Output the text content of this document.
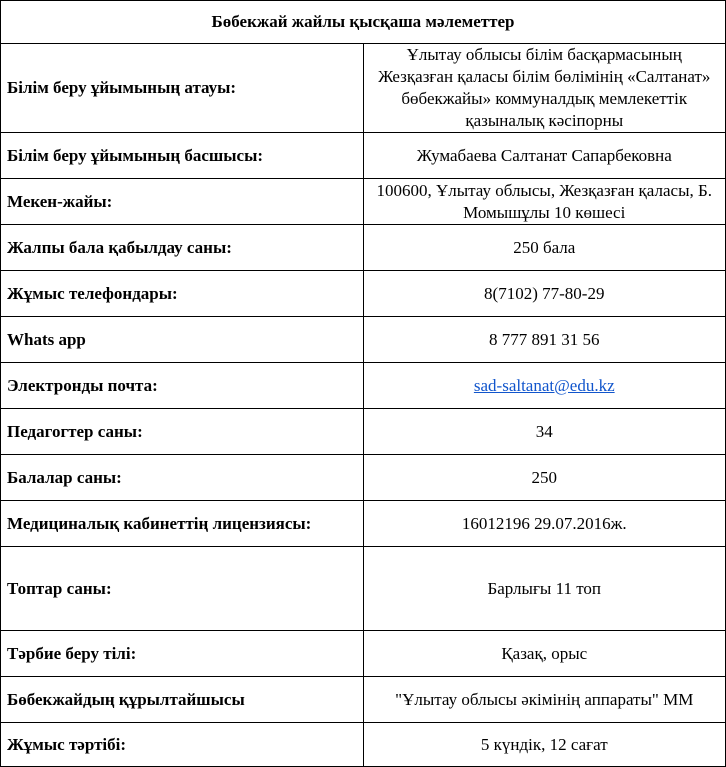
Бөбекжай жайлы қысқаша мәлеметтер	
Білім беру ұйымының атауы:	Ұлытау облысы білім басқармасының Жезқазған қаласы білім бөлімінің «Салтанат» бөбекжайы» коммуналдық мемлекеттік қазыналық кәсіпорны
Білім беру ұйымының басшысы:	Жумабаева Салтанат Сапарбековна
Мекен-жайы:	100600, Ұлытау облысы, Жезқазған қаласы, Б. Момышұлы 10 көшесі
Жалпы бала қабылдау саны:	250 бала
Жұмыс телефондары:	8(7102) 77-80-29
Whats app	8 777 891 31 56
Электронды почта:	sad-saltanat@edu.kz
Педагогтер саны:	34
Балалар саны:	250
Медициналық кабинеттің лицензиясы:	16012196 29.07.2016ж.
Топтар саны:	Барлығы 11 топ
Тәрбие беру тілі:	Қазақ, орыс
Бөбекжайдың құрылтайшысы	"Ұлытау облысы әкімінің аппараты" ММ
Жұмыс тәртібі:	5 күндік, 12 сағат
